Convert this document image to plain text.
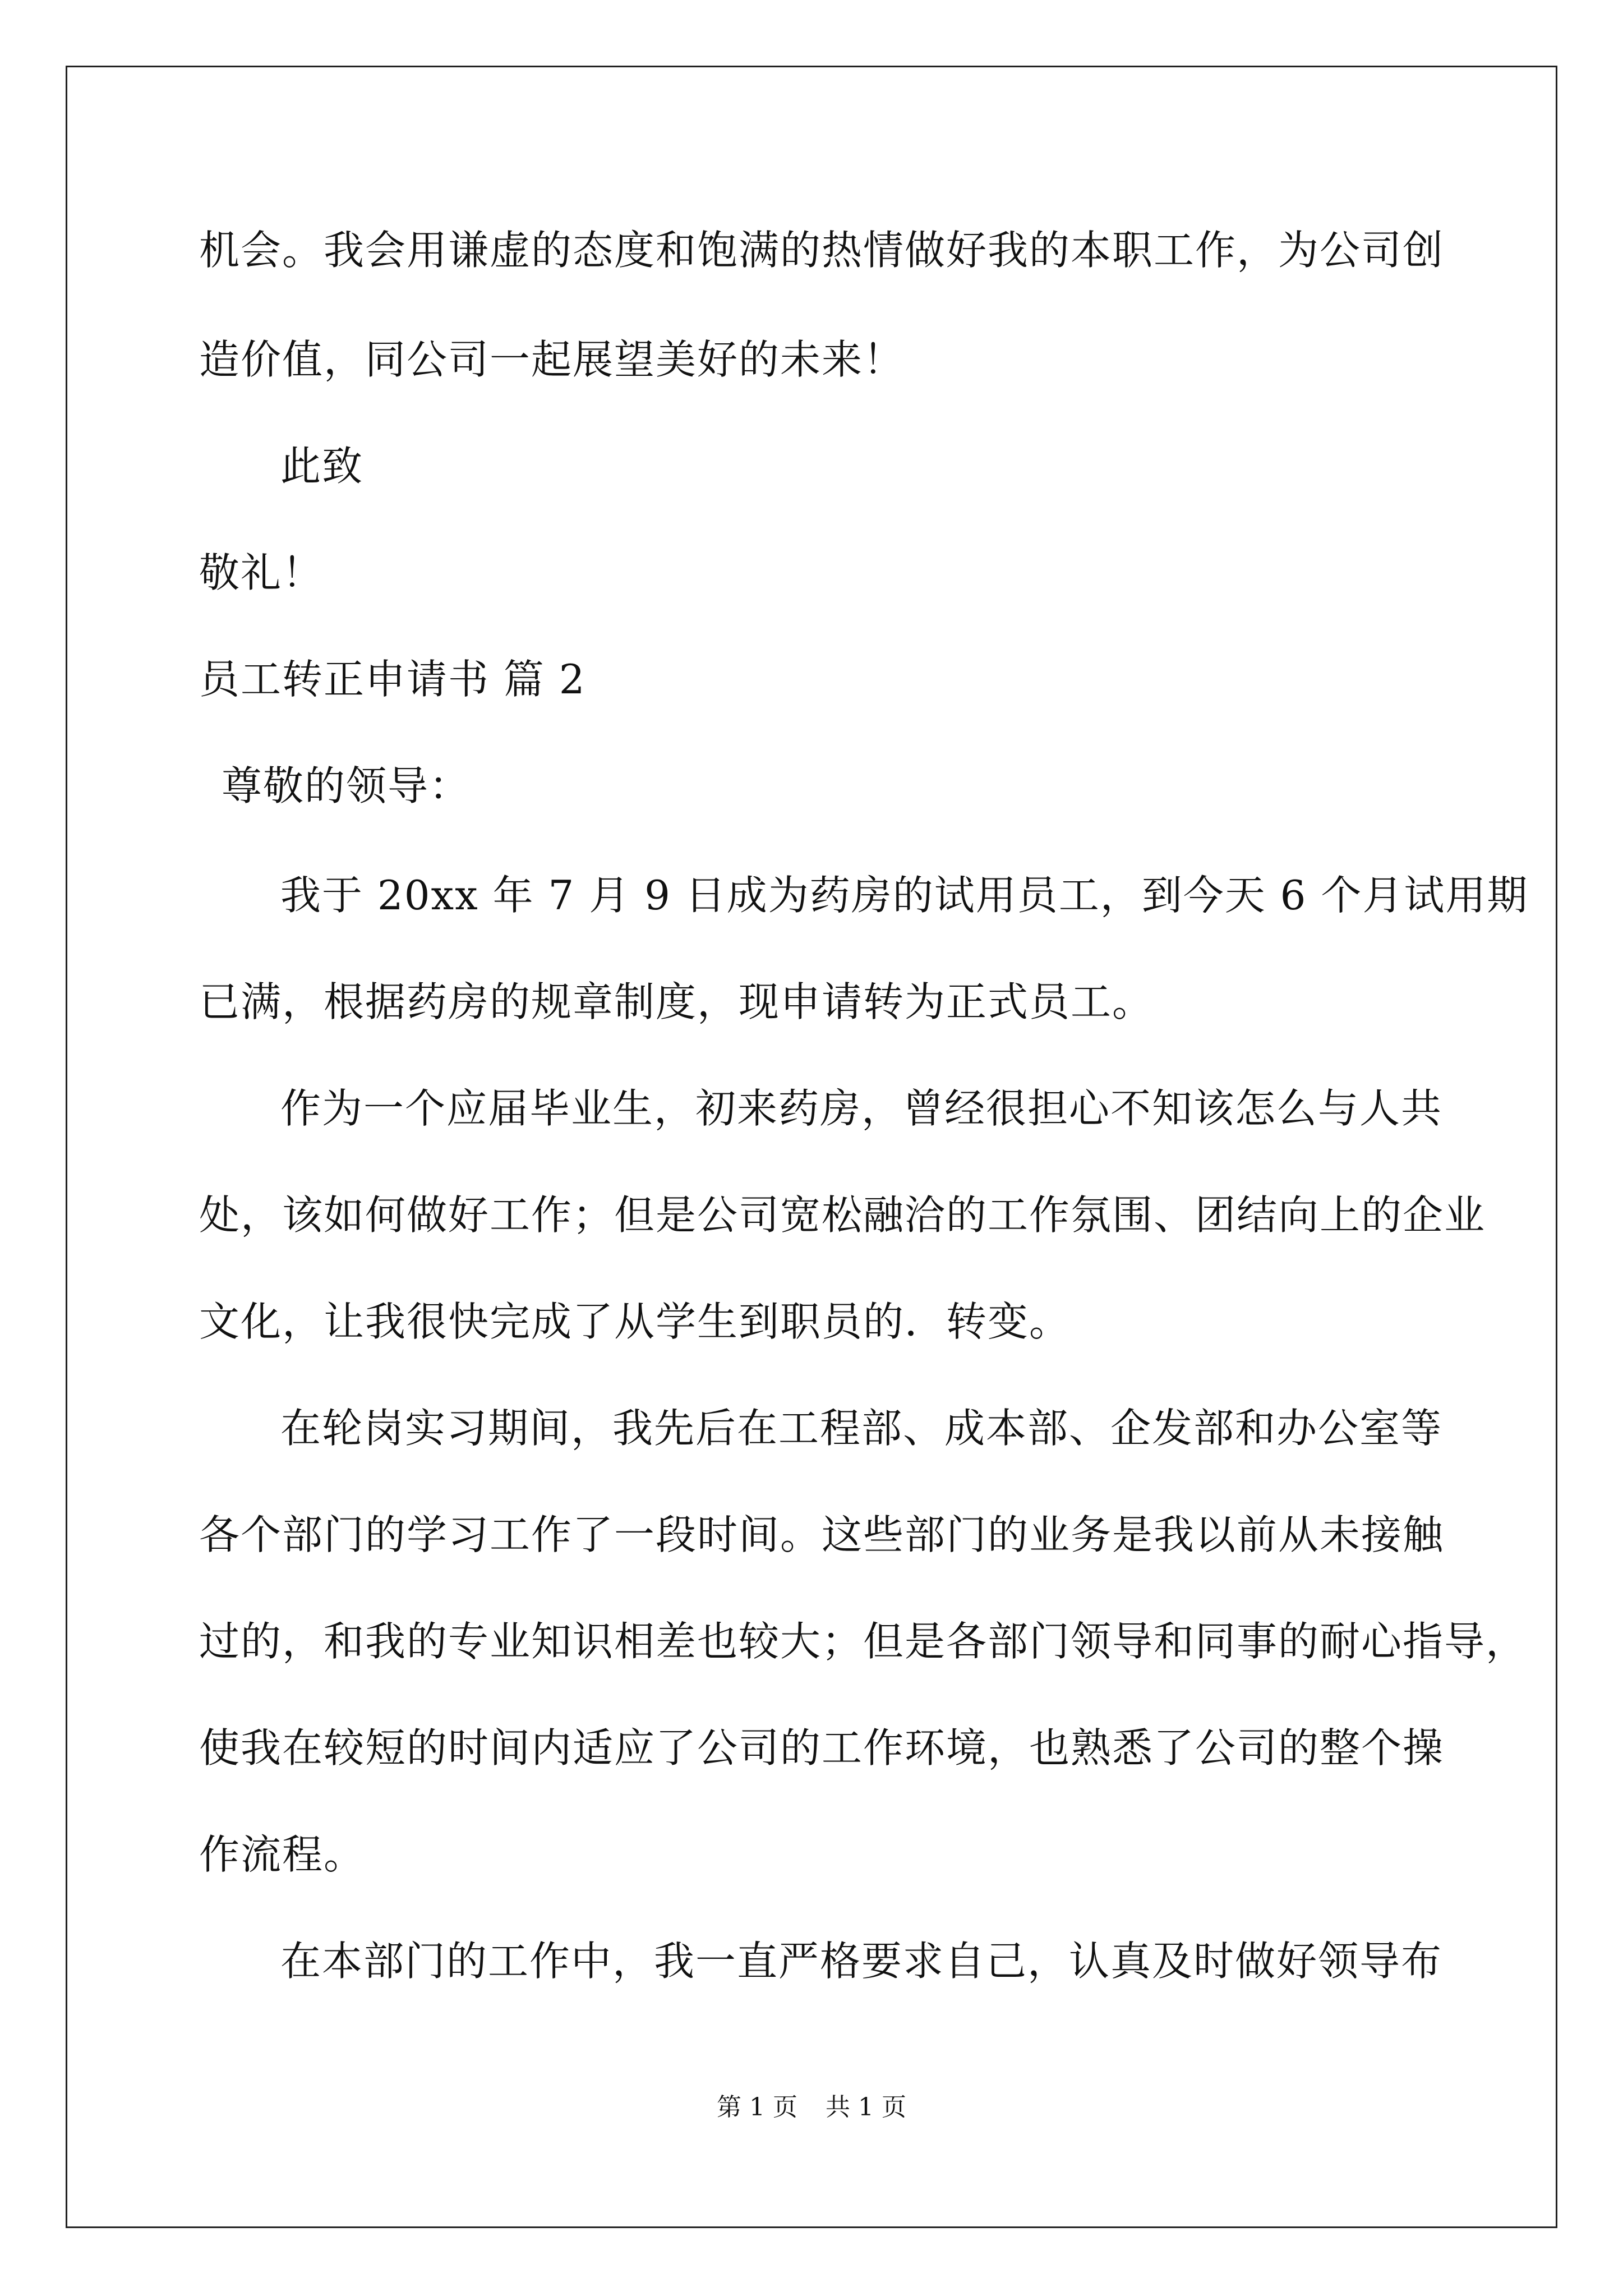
机会。我会用谦虚的态度和饱满的热情做好我的本职工作，为公司创
造价值，同公司一起展望美好的未来！
此致
敬礼！
员工转正申请书 篇 2
尊敬的领导：
我于 20xx 年 7 月 9 日成为药房的试用员工，到今天 6 个月试用期
已满，根据药房的规章制度，现申请转为正式员工。
作为一个应届毕业生，初来药房，曾经很担心不知该怎么与人共
处，该如何做好工作；但是公司宽松融洽的工作氛围、团结向上的企业
文化，让我很快完成了从学生到职员的．转变。
在轮岗实习期间，我先后在工程部、成本部、企发部和办公室等
各个部门的学习工作了一段时间。这些部门的业务是我以前从未接触
过的，和我的专业知识相差也较大；但是各部门领导和同事的耐心指导，
使我在较短的时间内适应了公司的工作环境，也熟悉了公司的整个操
作流程。
在本部门的工作中，我一直严格要求自己，认真及时做好领导布
第 1 页 共 1 页
